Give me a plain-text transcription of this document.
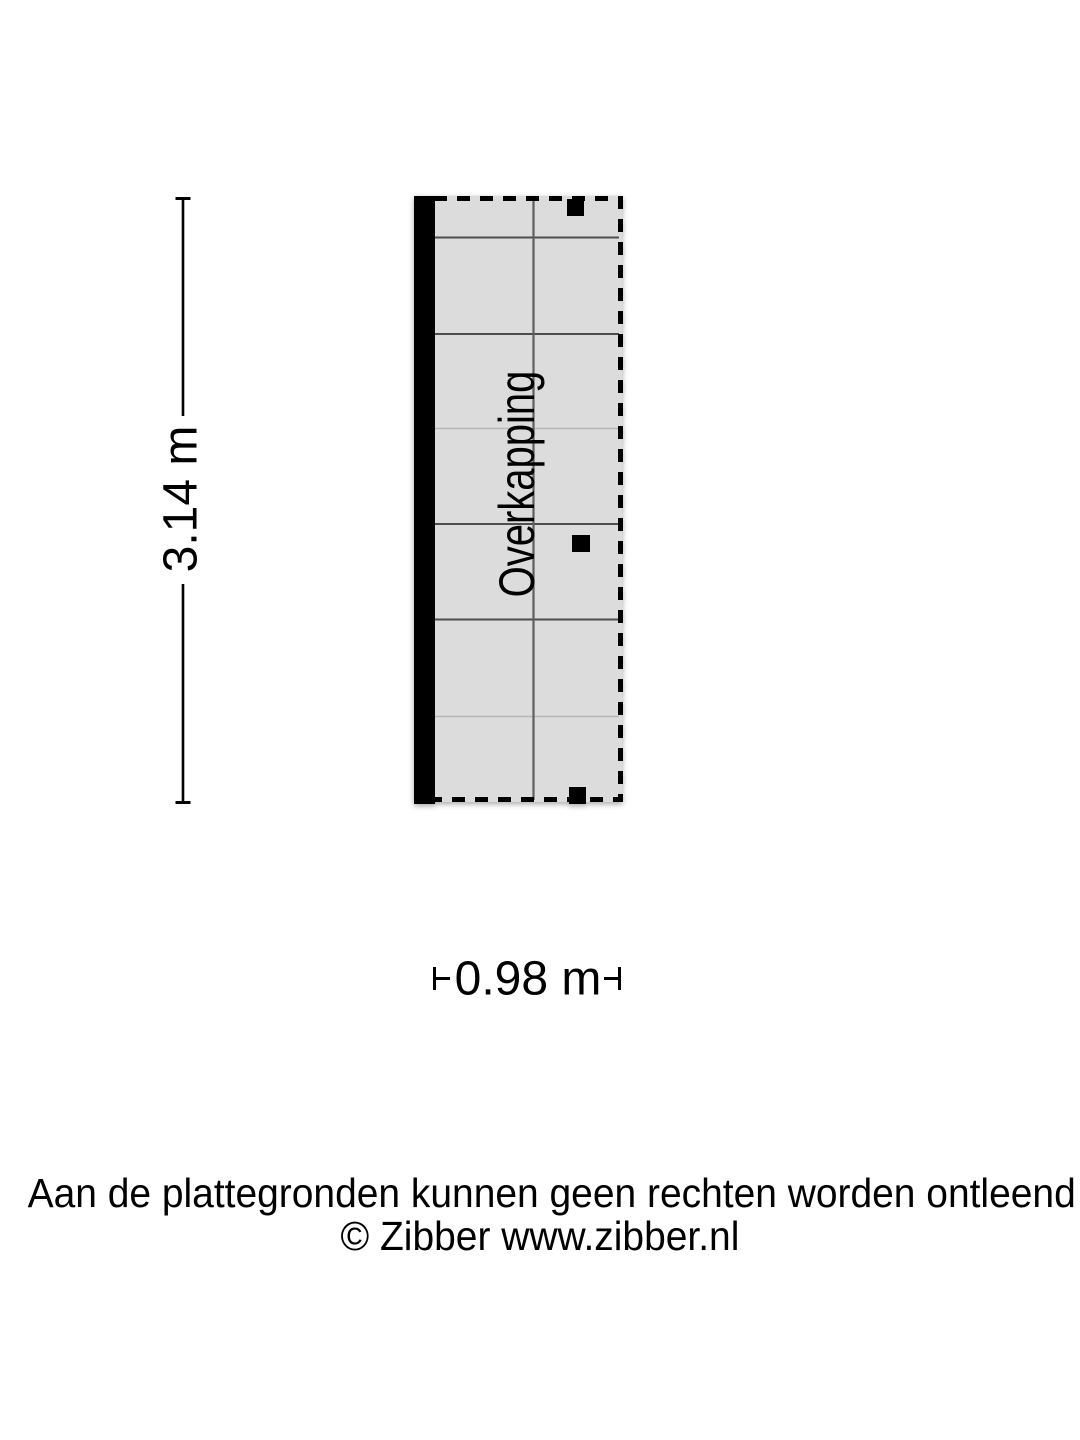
Overkapping
3.14 m
0.98 m
Aan de plattegronden kunnen geen rechten worden ontleend
© Zibber www.zibber.nl
